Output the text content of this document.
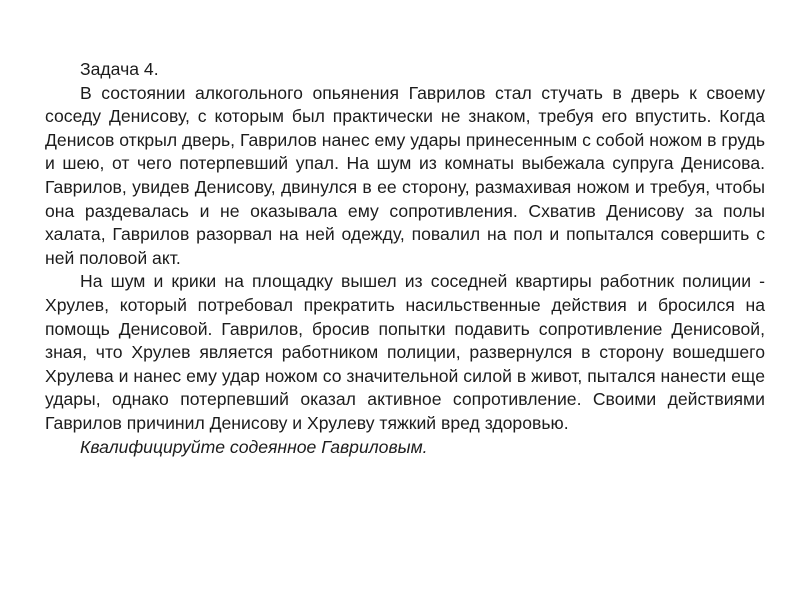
Задача 4.

В состоянии алкогольного опьянения Гаврилов стал стучать в дверь к своему соседу Денисову, с которым был практически не знаком, требуя его впустить. Когда Денисов открыл дверь, Гаврилов нанес ему удары принесенным с собой ножом в грудь и шею, от чего потерпевший упал. На шум из комнаты выбежала супруга Денисова. Гаврилов, увидев Денисову, двинулся в ее сторону, размахивая ножом и требуя, чтобы она раздевалась и не оказывала ему сопротивления. Схватив Денисову за полы халата, Гаврилов разорвал на ней одежду, повалил на пол и попытался совершить с ней половой акт.

На шум и крики на площадку вышел из соседней квартиры работник полиции - Хрулев, который потребовал прекратить насильственные действия и бросился на помощь Денисовой. Гаврилов, бросив попытки подавить сопротивление Денисовой, зная, что Хрулев является работником полиции, развернулся в сторону вошедшего Хрулева и нанес ему удар ножом со значительной силой в живот, пытался нанести еще удары, однако потерпевший оказал активное сопротивление. Своими действиями Гаврилов причинил Денисову и Хрулеву тяжкий вред здоровью.

Квалифицируйте содеянное Гавриловым.
